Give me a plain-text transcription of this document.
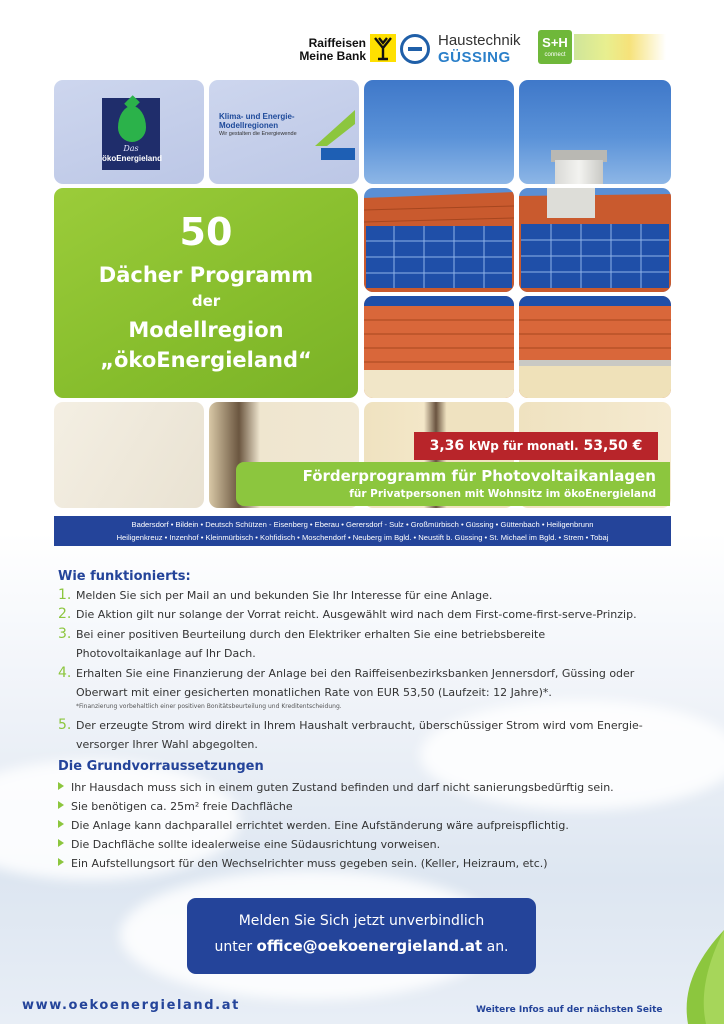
Raiffeisen
Meine Bank
Haustechnik
GÜSSING
S+H
connect
Das
ökoEnergieland
Klima- und Energie-
Modellregionen
Wir gestalten die Energiewende
50
Dächer Programm
der
Modellregion
„ökoEnergieland“
3,36 kWp für monatl. 53,50 €
Förderprogramm für Photovoltaikanlagen
für Privatpersonen mit Wohnsitz im ökoEnergieland
Badersdorf • Bildein • Deutsch Schützen - Eisenberg • Eberau • Gerersdorf - Sulz • Großmürbisch • Güssing • Güttenbach • Heiligenbrunn
Heiligenkreuz • Inzenhof • Kleinmürbisch • Kohfidisch • Moschendorf • Neuberg im Bgld. • Neustift b. Güssing • St. Michael im Bgld. • Strem • Tobaj
Wie funktionierts:
1. Melden Sie sich per Mail an und bekunden Sie Ihr Interesse für eine Anlage.
2. Die Aktion gilt nur solange der Vorrat reicht. Ausgewählt wird nach dem First-come-first-serve-Prinzip.
3. Bei einer positiven Beurteilung durch den Elektriker erhalten Sie eine betriebsbereite
Photovoltaikanlage auf Ihr Dach.
4. Erhalten Sie eine Finanzierung der Anlage bei den Raiffeisenbezirksbanken Jennersdorf, Güssing oder
Oberwart mit einer gesicherten monatlichen Rate von EUR 53,50 (Laufzeit: 12 Jahre)*.
*Finanzierung vorbehaltlich einer positiven Bonitätsbeurteilung und Kreditentscheidung.
5. Der erzeugte Strom wird direkt in Ihrem Haushalt verbraucht, überschüssiger Strom wird vom Energie-
versorger Ihrer Wahl abgegolten.
Die Grundvorraussetzungen
Ihr Hausdach muss sich in einem guten Zustand befinden und darf nicht sanierungsbedürftig sein.
Sie benötigen ca. 25m² freie Dachfläche
Die Anlage kann dachparallel errichtet werden. Eine Aufständerung wäre aufpreispflichtig.
Die Dachfläche sollte idealerweise eine Südausrichtung vorweisen.
Ein Aufstellungsort für den Wechselrichter muss gegeben sein. (Keller, Heizraum, etc.)
Melden Sie Sich jetzt unverbindlich
unter office@oekoenergieland.at an.
www.oekoenergieland.at	Weitere Infos auf der nächsten Seite
